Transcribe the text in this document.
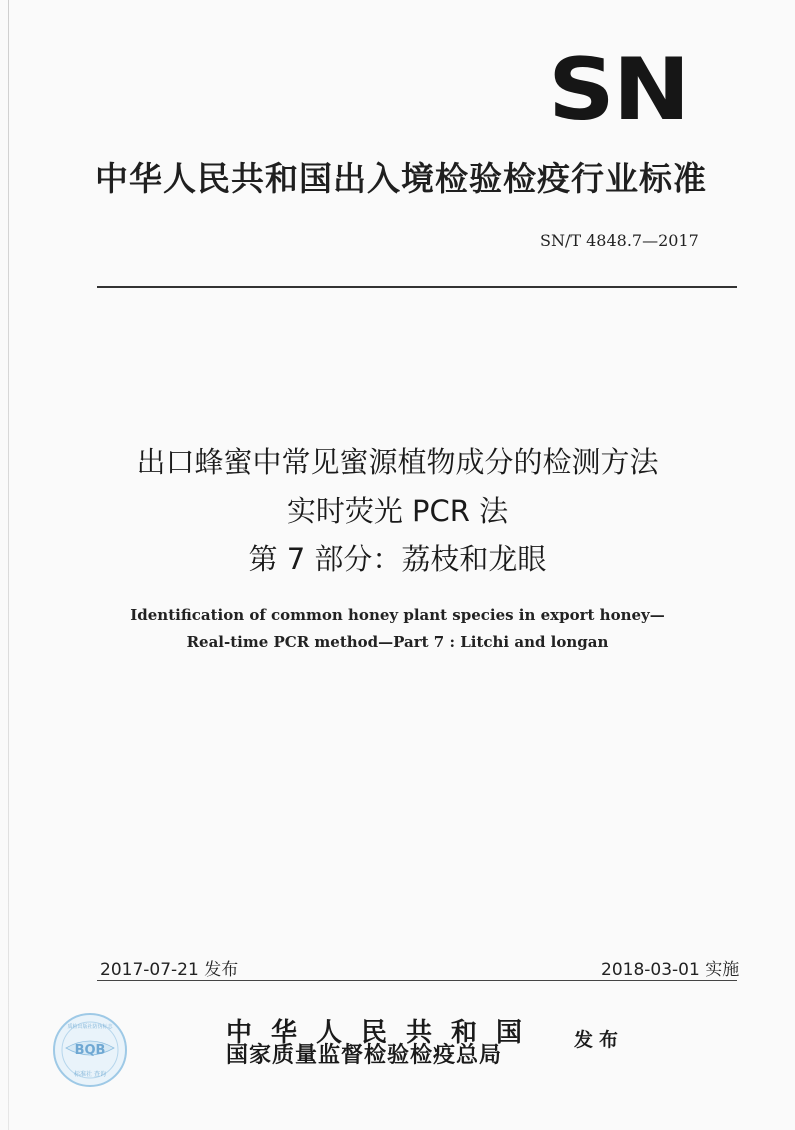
SN
中华人民共和国出入境检验检疫行业标准
SN/T 4848.7—2017
出口蜂蜜中常见蜜源植物成分的检测方法
实时荧光 PCR 法
第 7 部分：荔枝和龙眼
Identification of common honey plant species in export honey—
Real-time PCR method—Part 7 : Litchi and longan
2017-07-21 发布	2018-03-01 实施
BQB
质检出版社防伪标志
标准社 查询
中华人民共和国
国家质量监督检验检疫总局
发布
